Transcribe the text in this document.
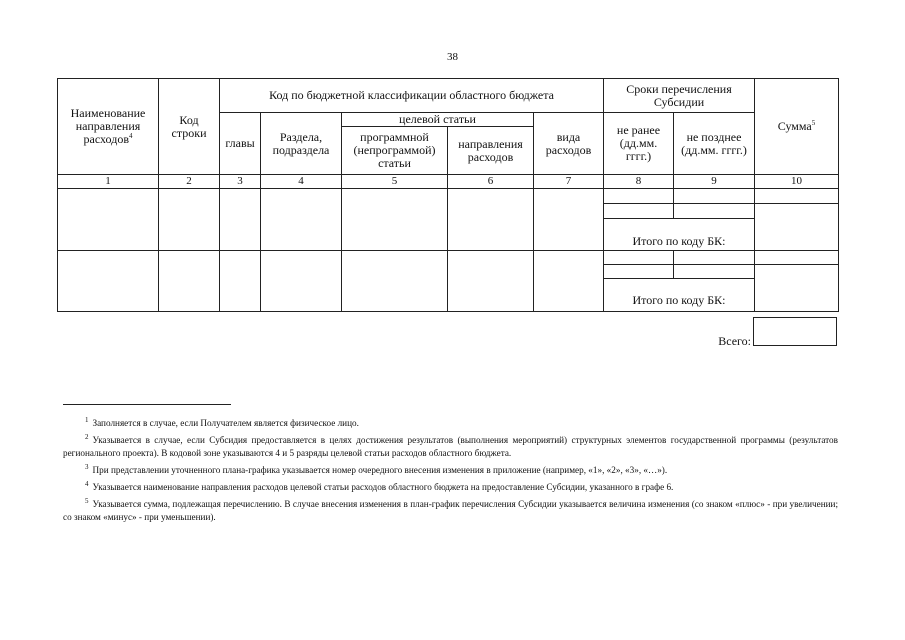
38
Наименование направления расходов$^4$	Код строки	Код по бюджетной классификации областного бюджета					Сроки перечисления Субсидии		Сумма$^5$
		главы	Раздела, подраздела	целевой статьи		вида расходов	не ранее (дд.мм. гггг.)	не позднее (дд.мм. гггг.)	
				программной (непрограммой) статьи	направления расходов				
1	2	3	4	5	6	7	8	9	10

							Итого по коду БК:		

							Итого по коду БК:		
Всего:

$^1$ Заполняется в случае, если Получателем является физическое лицо.

$^2$ Указывается в случае, если Субсидия предоставляется в целях достижения результатов (выполнения мероприятий) структурных элементов государственной программы (результатов регионального проекта). В кодовой зоне указываются 4 и 5 разряды целевой статьи расходов областного бюджета.

$^3$ При представлении уточненного плана-графика указывается номер очередного внесения изменения в приложение (например, «1», «2», «3», «…»).

$^4$ Указывается наименование направления расходов целевой статьи расходов областного бюджета на предоставление Субсидии, указанного в графе 6.

$^5$ Указывается сумма, подлежащая перечислению. В случае внесения изменения в план-график перечисления Субсидии указывается величина изменения (со знаком «плюс» - при увеличении; со знаком «минус» - при уменьшении).
